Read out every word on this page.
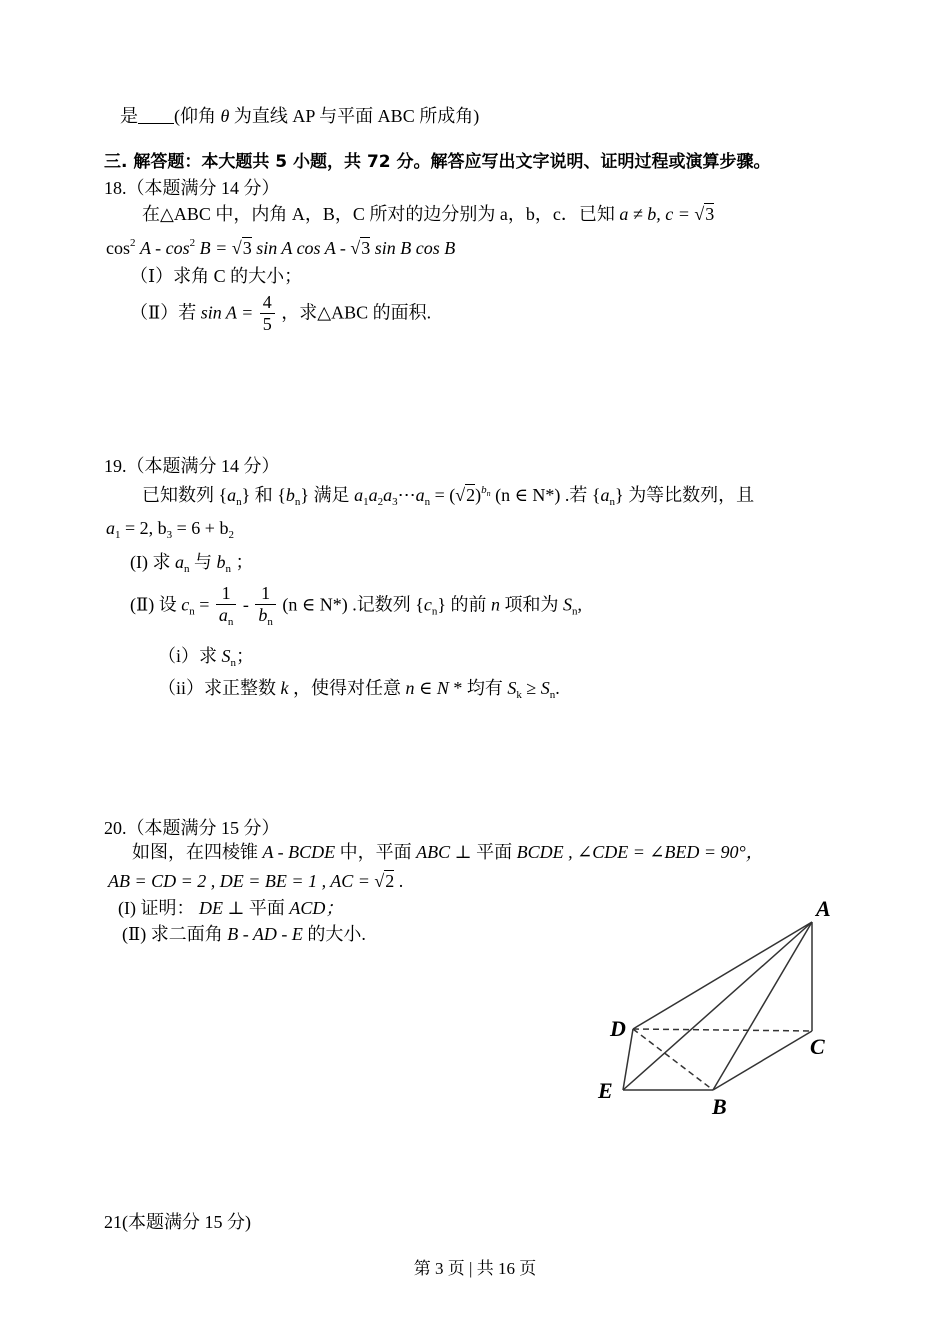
是 (仰角 θ 为直线 AP 与平面 ABC 所成角)
三. 解答题：本大题共 5 小题，共 72 分。解答应写出文字说明、证明过程或演算步骤。
18.（本题满分 14 分）
在△ABC 中，内角 A，B，C 所对的边分别为 a，b，c．已知 a ≠ b, c = √3
$\cos^2 A - \cos^2 B = √3$ sin A cos A - √3 sin B cos B
（Ⅰ）求角 C 的大小；
（Ⅱ）若 $\sin A = \frac{4}{5}$ ，求△ABC 的面积.
19.（本题满分 14 分）
已知数列 $\{a_n\}$ 和 $\{b_n\}$ 满足 $a_1a_2a_3\cdots a_n = (√2)^{b_n}$ (n ∈ N*) .若 $\{a_n\}$ 为等比数列，且
$a_1 = 2$, $b_3 = 6 + b_2$
(I) 求 $a_n$ 与 $b_n$ ；
(Ⅱ) 设 $c_n = \frac{1}{a_n} - \frac{1}{b_n} (n$ ∈ N*) .记数列 $\{c_n\}$ 的前 n 项和为 $S_n$,
（i）求 $S_n$；
（ii）求正整数 k ，使得对任意 n ∈ N * 均有 $S_k \ge S_n$.
20.（本题满分 15 分）
如图，在四棱锥 A - BCDE 中，平面 ABC ⊥ 平面 BCDE , ∠CDE = ∠BED = 90°，
AB = CD = 2 , DE = BE = 1 , AC = √2 .
(I) 证明： DE ⊥ 平面 ACD；
(Ⅱ) 求二面角 B - AD - E 的大小.
A
D
C
E
B
21(本题满分 15 分)
第 3 页 | 共 16 页
